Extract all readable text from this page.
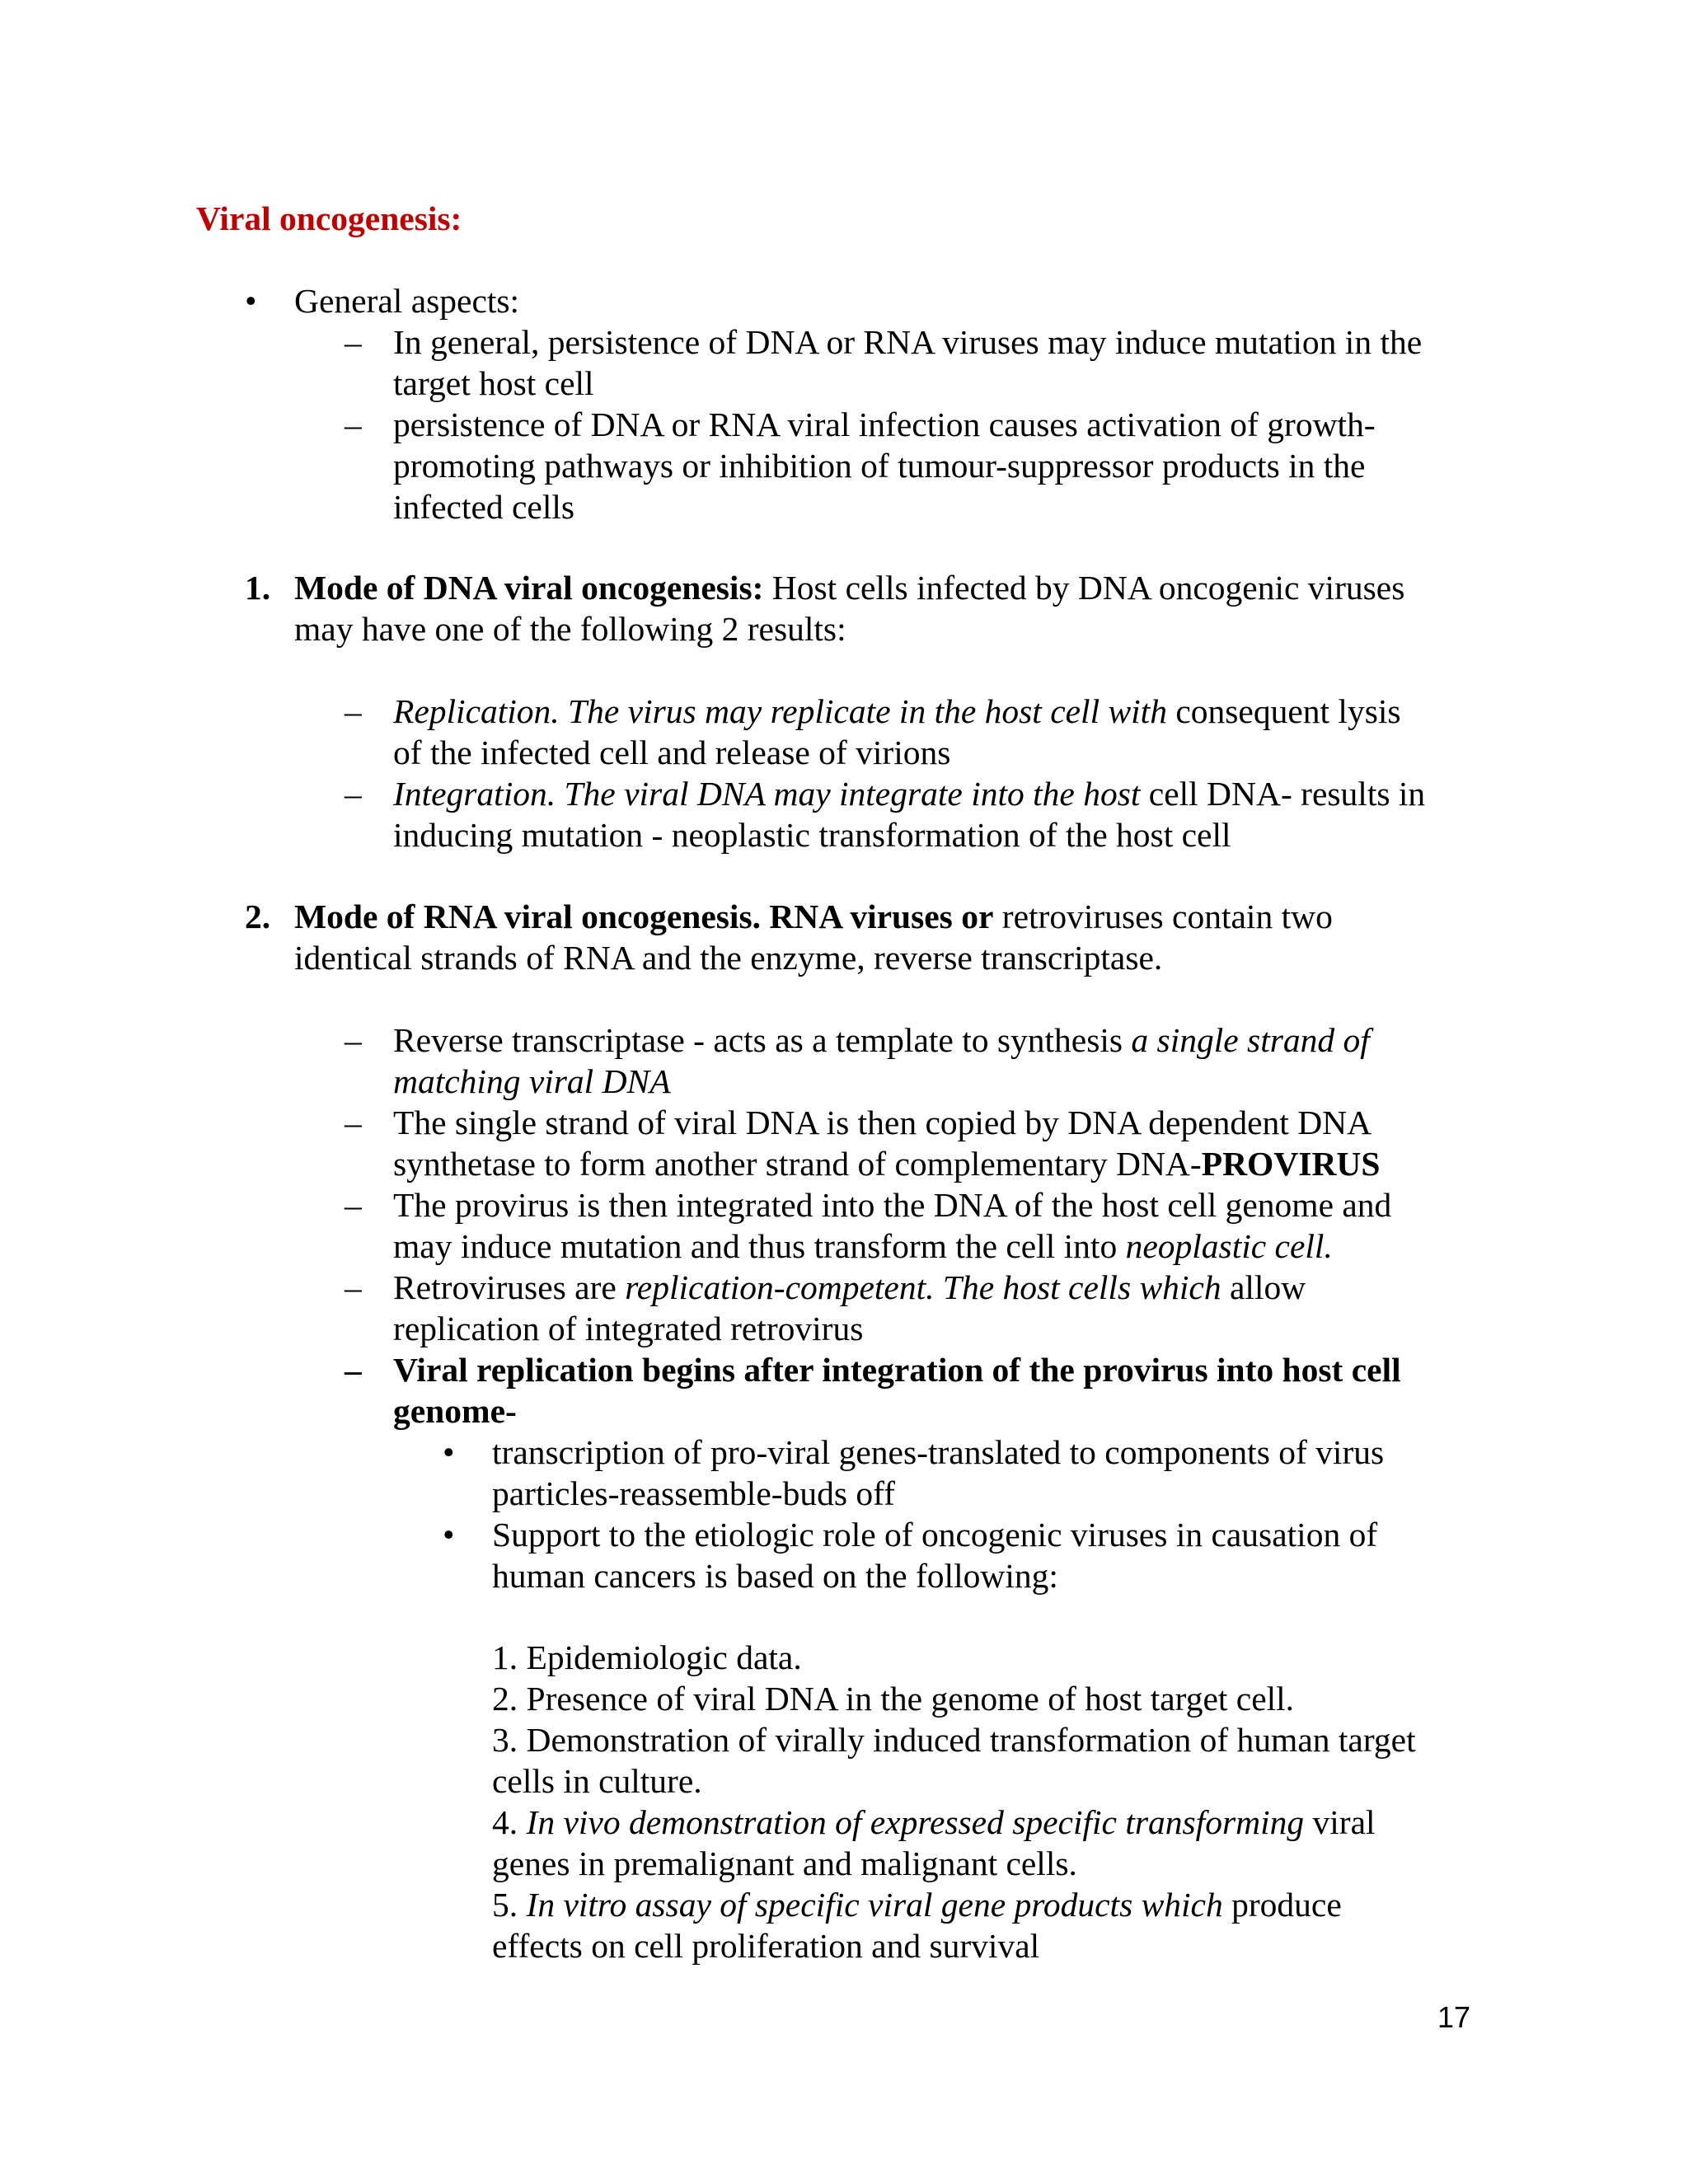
Viral oncogenesis:
• General aspects:
– In general, persistence of DNA or RNA viruses may induce mutation in the
target host cell
– persistence of DNA or RNA viral infection causes activation of growth-
promoting pathways or inhibition of tumour-suppressor products in the
infected cells
1. Mode of DNA viral oncogenesis: Host cells infected by DNA oncogenic viruses
may have one of the following 2 results:
– Replication. The virus may replicate in the host cell with consequent lysis
of the infected cell and release of virions
– Integration. The viral DNA may integrate into the host cell DNA- results in
inducing mutation - neoplastic transformation of the host cell
2. Mode of RNA viral oncogenesis. RNA viruses or retroviruses contain two
identical strands of RNA and the enzyme, reverse transcriptase.
– Reverse transcriptase - acts as a template to synthesis a single strand of
matching viral DNA
– The single strand of viral DNA is then copied by DNA dependent DNA
synthetase to form another strand of complementary DNA-PROVIRUS
– The provirus is then integrated into the DNA of the host cell genome and
may induce mutation and thus transform the cell into neoplastic cell.
– Retroviruses are replication-competent. The host cells which allow
replication of integrated retrovirus
– Viral replication begins after integration of the provirus into host cell
genome-
• transcription of pro-viral genes-translated to components of virus
particles-reassemble-buds off
• Support to the etiologic role of oncogenic viruses in causation of
human cancers is based on the following:
1. Epidemiologic data.
2. Presence of viral DNA in the genome of host target cell.
3. Demonstration of virally induced transformation of human target
cells in culture.
4. In vivo demonstration of expressed specific transforming viral
genes in premalignant and malignant cells.
5. In vitro assay of specific viral gene products which produce
effects on cell proliferation and survival
17
